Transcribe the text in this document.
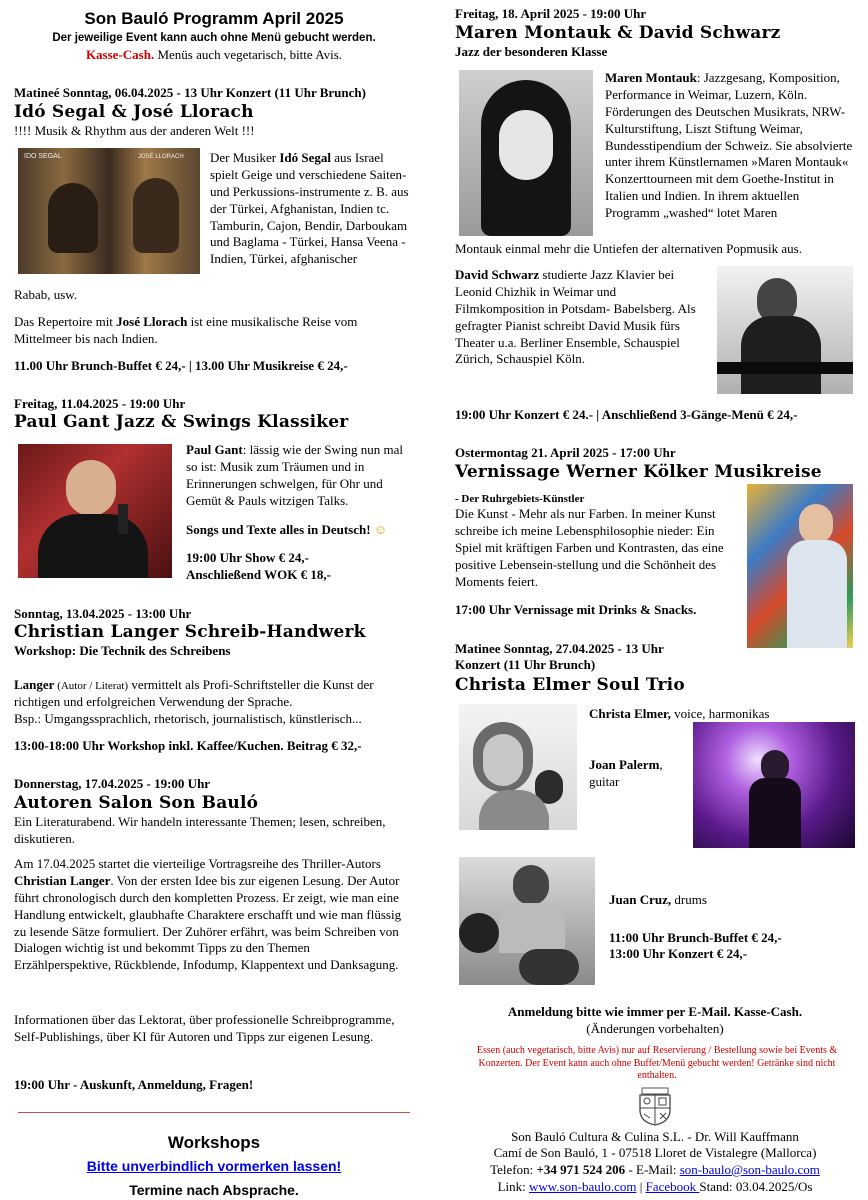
Son Bauló Programm April 2025
Der jeweilige Event kann auch ohne Menü gebucht werden.
Kasse-Cash. Menüs auch vegetarisch, bitte Avis.
Matineé Sonntag, 06.04.2025 - 13 Uhr Konzert (11 Uhr Brunch)
Idó Segal & José Llorach
!!!! Musik & Rhythm aus der anderen Welt !!!
IDO SEGAL	JOSÉ LLORACH Der Musiker Idó Segal aus Israel spielt Geige und verschiedene Saiten- und Perkussions-instrumente z. B. aus der Türkei, Afghanistan, Indien tc. Tamburin, Cajon, Bendir, Darboukam und Baglama - Türkei, Hansa Veena - Indien, Türkei, afghanischer
Rabab, usw.
Das Repertoire mit José Llorach ist eine musikalische Reise vom Mittelmeer bis nach Indien.
11.00 Uhr Brunch-Buffet € 24,- | 13.00 Uhr Musikreise € 24,-
Freitag, 11.04.2025 - 19:00 Uhr
Paul Gant Jazz & Swings Klassiker
Paul Gant: lässig wie der Swing nun mal so ist: Musik zum Träumen und in Erinnerungen schwelgen, für Ohr und Gemüt & Pauls witzigen Talks.
Songs und Texte alles in Deutsch! ☺
19:00 Uhr Show € 24,-
Anschließend WOK € 18,-
Sonntag, 13.04.2025 - 13:00 Uhr
Christian Langer Schreib-Handwerk
Workshop: Die Technik des Schreibens
Langer (Autor / Literat) vermittelt als Profi-Schriftsteller die Kunst der richtigen und erfolgreichen Verwendung der Sprache.
Bsp.: Umgangssprachlich, rhetorisch, journalistisch, künstlerisch...
13:00-18:00 Uhr Workshop inkl. Kaffee/Kuchen. Beitrag € 32,-
Donnerstag, 17.04.2025 - 19:00 Uhr
Autoren Salon Son Bauló
Ein Literaturabend. Wir handeln interessante Themen; lesen, schreiben, diskutieren.
Am 17.04.2025 startet die vierteilige Vortragsreihe des Thriller-Autors Christian Langer. Von der ersten Idee bis zur eigenen Lesung. Der Autor führt chronologisch durch den kompletten Prozess. Er zeigt, wie man eine Handlung entwickelt, glaubhafte Charaktere erschafft und wie man flüssig zu lesende Sätze formuliert. Der Zuhörer erfährt, was beim Schreiben von Dialogen wichtig ist und bekommt Tipps zu den Themen Erzählperspektive, Rückblende, Infodump, Klappentext und Danksagung.
Informationen über das Lektorat, über professionelle Schreibprogramme, Self-Publishings, über KI für Autoren und Tipps zur eigenen Lesung.
19:00 Uhr - Auskunft, Anmeldung, Fragen!
Workshops
Bitte unverbindlich vormerken lassen!
Termine nach Absprache.
Freitag, 18. April 2025 - 19:00 Uhr
Maren Montauk & David Schwarz
Jazz der besonderen Klasse
Maren Montauk: Jazzgesang, Komposition, Performance in Weimar, Luzern, Köln. Förderungen des Deutschen Musikrats, NRW-Kulturstiftung, Liszt Stiftung Weimar, Bundesstipendium der Schweiz. Sie absolvierte unter ihrem Künstlernamen »Maren Montauk« Konzerttourneen mit dem Goethe-Institut in Italien und Indien. In ihrem aktuellen Programm „washed“ lotet Maren
Montauk einmal mehr die Untiefen der alternativen Popmusik aus.
David Schwarz studierte Jazz Klavier bei Leonid Chizhik in Weimar und Filmkomposition in Potsdam- Babelsberg. Als gefragter Pianist schreibt David Musik fürs Theater u.a. Berliner Ensemble, Schauspiel Zürich, Schauspiel Köln.
19:00 Uhr Konzert € 24.- | Anschließend 3-Gänge-Menü € 24,-
Ostermontag 21. April 2025 - 17:00 Uhr
Vernissage Werner Kölker Musikreise
- Der Ruhrgebiets-Künstler
Die Kunst - Mehr als nur Farben. In meiner Kunst schreibe ich meine Lebensphilosophie nieder: Ein Spiel mit kräftigen Farben und Kontrasten, das eine positive Lebensein-stellung und die Schönheit des Moments feiert.
17:00 Uhr Vernissage mit Drinks & Snacks.
Matinee Sonntag, 27.04.2025 - 13 Uhr
Konzert (11 Uhr Brunch)
Christa Elmer Soul Trio
Christa Elmer, voice, harmonikas
Joan Palerm,
guitar
Juan Cruz, drums
11:00 Uhr Brunch-Buffet € 24,-
13:00 Uhr Konzert € 24,-
Anmeldung bitte wie immer per E-Mail. Kasse-Cash.
(Änderungen vorbehalten)
Essen (auch vegetarisch, bitte Avis) nur auf Reservierung / Bestellung sowie bei Events & Konzerten. Der Event kann auch ohne Buffet/Menü gebucht werden! Getränke sind nicht enthalten.
Son Bauló Cultura & Culina S.L. - Dr. Will Kauffmann
Camí de Son Bauló, 1 - 07518 Lloret de Vistalegre (Mallorca)
Telefon: +34 971 524 206 - E-Mail: son-baulo@son-baulo.com
Link: www.son-baulo.com | Facebook Stand: 03.04.2025/Os
